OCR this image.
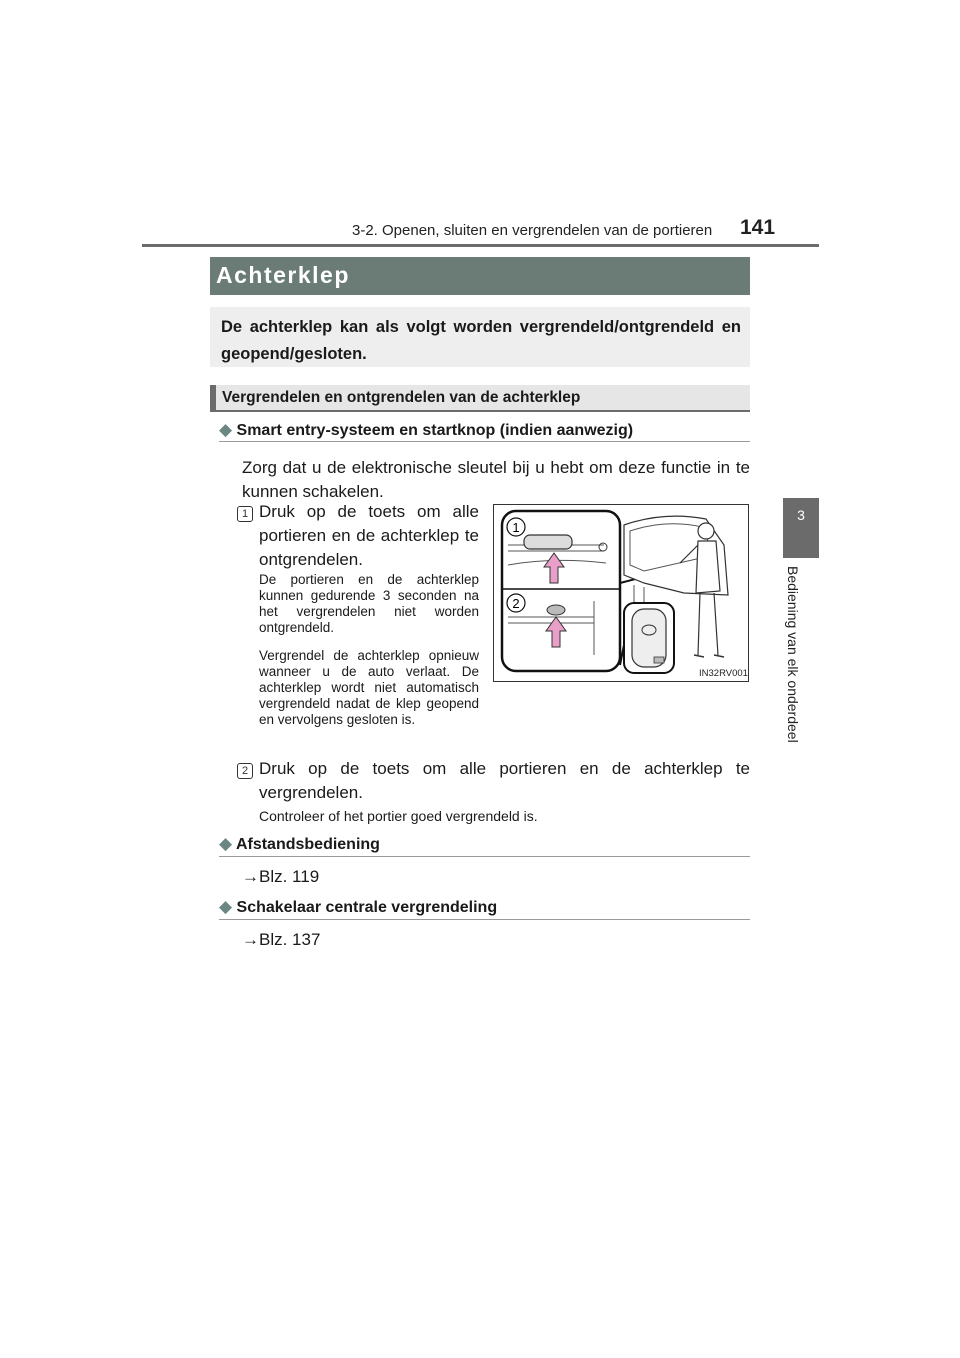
3-2. Openen, sluiten en vergrendelen van de portieren 141
3
Bediening van elk onderdeel
Achterklep
De achterklep kan als volgt worden vergrendeld/ontgrendeld en geopend/gesloten.
Vergrendelen en ontgrendelen van de achterklep
◆ Smart entry-systeem en startknop (indien aanwezig)
Zorg dat u de elektronische sleutel bij u hebt om deze functie in te kunnen schakelen.
1 Druk op de toets om alle portieren en de achterklep te ontgrendelen.
De portieren en de achterklep kunnen gedurende 3 seconden na het vergrendelen niet worden ontgrendeld.
Vergrendel de achterklep opnieuw wanneer u de auto verlaat. De achterklep wordt niet automatisch vergrendeld nadat de klep geopend en vervolgens gesloten is.
1
2
IN32RV001
2 Druk op de toets om alle portieren en de achterklep te vergrendelen.
Controleer of het portier goed vergrendeld is.
◆ Afstandsbediening
→Blz. 119
◆ Schakelaar centrale vergrendeling
→Blz. 137
